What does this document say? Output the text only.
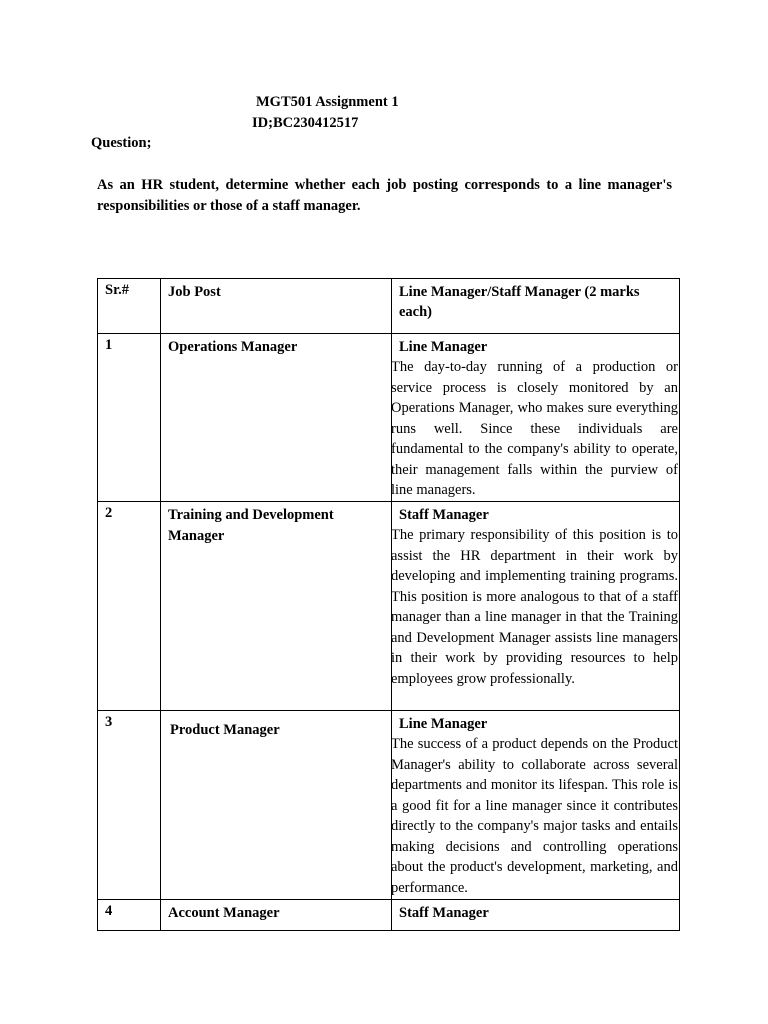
MGT501 Assignment 1
ID;BC230412517
Question;
As an HR student, determine whether each job posting corresponds to a line manager's responsibilities or those of a staff manager.
Sr.#	Job Post	Line Manager/Staff Manager (2 marks each)

1	Operations Manager	Line Manager
The day-to-day running of a production or service process is closely monitored by an Operations Manager, who makes sure everything runs well. Since these individuals are fundamental to the company's ability to operate, their management falls within the purview of line managers.

2	Training and Development Manager	Staff Manager
The primary responsibility of this position is to assist the HR department in their work by developing and implementing training programs. This position is more analogous to that of a staff manager than a line manager in that the Training and Development Manager assists line managers in their work by providing resources to help employees grow professionally.

3	Product Manager	Line Manager
The success of a product depends on the Product Manager's ability to collaborate across several departments and monitor its lifespan. This role is a good fit for a line manager since it contributes directly to the company's major tasks and entails making decisions and controlling operations about the product's development, marketing, and performance.

4	Account Manager	Staff Manager
